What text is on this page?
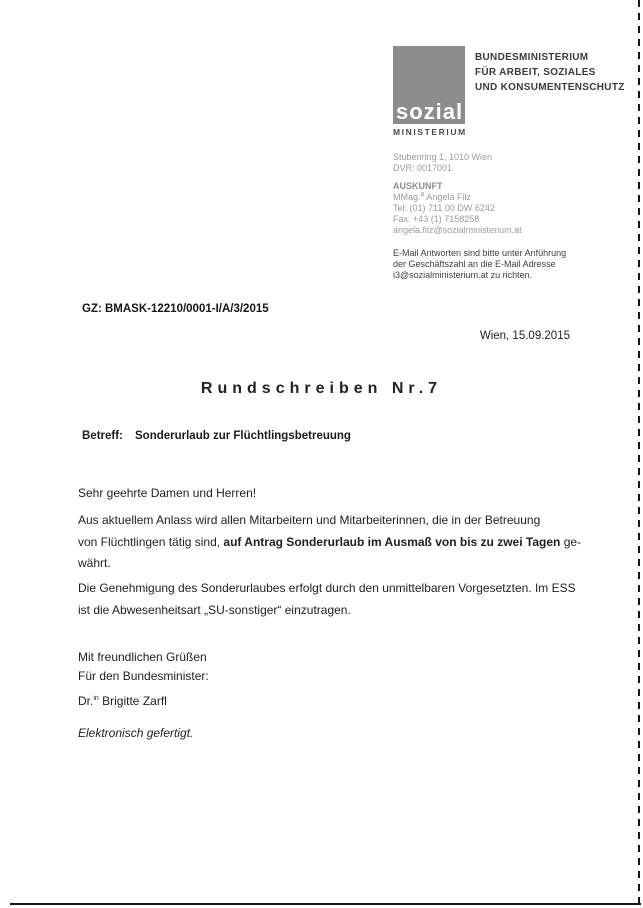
sozial
MINISTERIUM
BUNDESMINISTERIUM
FÜR ARBEIT, SOZIALES
UND KONSUMENTENSCHUTZ
Stubenring 1, 1010 Wien
DVR: 0017001
AUSKUNFT
MMag.$^a$ Angela Filz
Tel: (01) 711 00 DW 6242
Fax: +43 (1) 7158258
angela.filz@sozialministerium.at
E-Mail Antworten sind bitte unter Anführung
der Geschäftszahl an die E-Mail Adresse
i3@sozialministerium.at zu richten.
GZ: BMASK-12210/0001-I/A/3/2015
Wien, 15.09.2015
Rundschreiben Nr.7
Betreff: Sonderurlaub zur Flüchtlingsbetreuung
Sehr geehrte Damen und Herren!
Aus aktuellem Anlass wird allen Mitarbeitern und Mitarbeiterinnen, die in der Betreuung
von Flüchtlingen tätig sind, auf Antrag Sonderurlaub im Ausmaß von bis zu zwei Tagen ge-
währt.
Die Genehmigung des Sonderurlaubes erfolgt durch den unmittelbaren Vorgesetzten. Im ESS
ist die Abwesenheitsart „SU-sonstiger“ einzutragen.
Mit freundlichen Grüßen
Für den Bundesminister:
Dr.$^{in}$ Brigitte Zarfl
Elektronisch gefertigt.
